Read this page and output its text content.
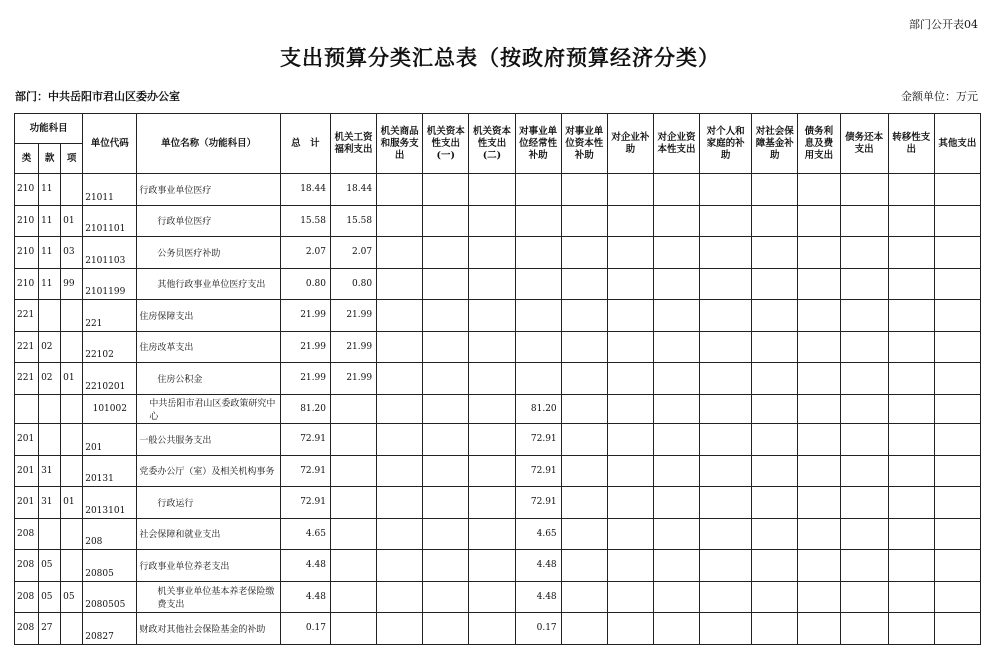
部门公开表04
支出预算分类汇总表（按政府预算经济分类）
部门：中共岳阳市君山区委办公室	金额单位：万元
功能科目			单位代码	单位名称（功能科目）	总　计	机关工资福利支出	机关商品和服务支出	机关资本性支出(一)	机关资本性支出(二)	对事业单位经常性补助	对事业单位资本性补助	对企业补助	对企业资本性支出	对个人和家庭的补助	对社会保障基金补助	债务利息及费用支出	债务还本支出	转移性支出	其他支出
类	款	项																	
210	11		21011	行政事业单位医疗	18.44	18.44													
210	11	01	2101101	行政单位医疗	15.58	15.58													
210	11	03	2101103	公务员医疗补助	2.07	2.07													
210	11	99	2101199	其他行政事业单位医疗支出	0.80	0.80													
221			221	住房保障支出	21.99	21.99													
221	02		22102	住房改革支出	21.99	21.99													
221	02	01	2210201	住房公积金	21.99	21.99													
			101002	中共岳阳市君山区委政策研究中心	81.20					81.20									
201			201	一般公共服务支出	72.91					72.91									
201	31		20131	党委办公厅（室）及相关机构事务	72.91					72.91									
201	31	01	2013101	行政运行	72.91					72.91									
208			208	社会保障和就业支出	4.65					4.65									
208	05		20805	行政事业单位养老支出	4.48					4.48									
208	05	05	2080505	机关事业单位基本养老保险缴费支出	4.48					4.48									
208	27		20827	财政对其他社会保险基金的补助	0.17					0.17									
